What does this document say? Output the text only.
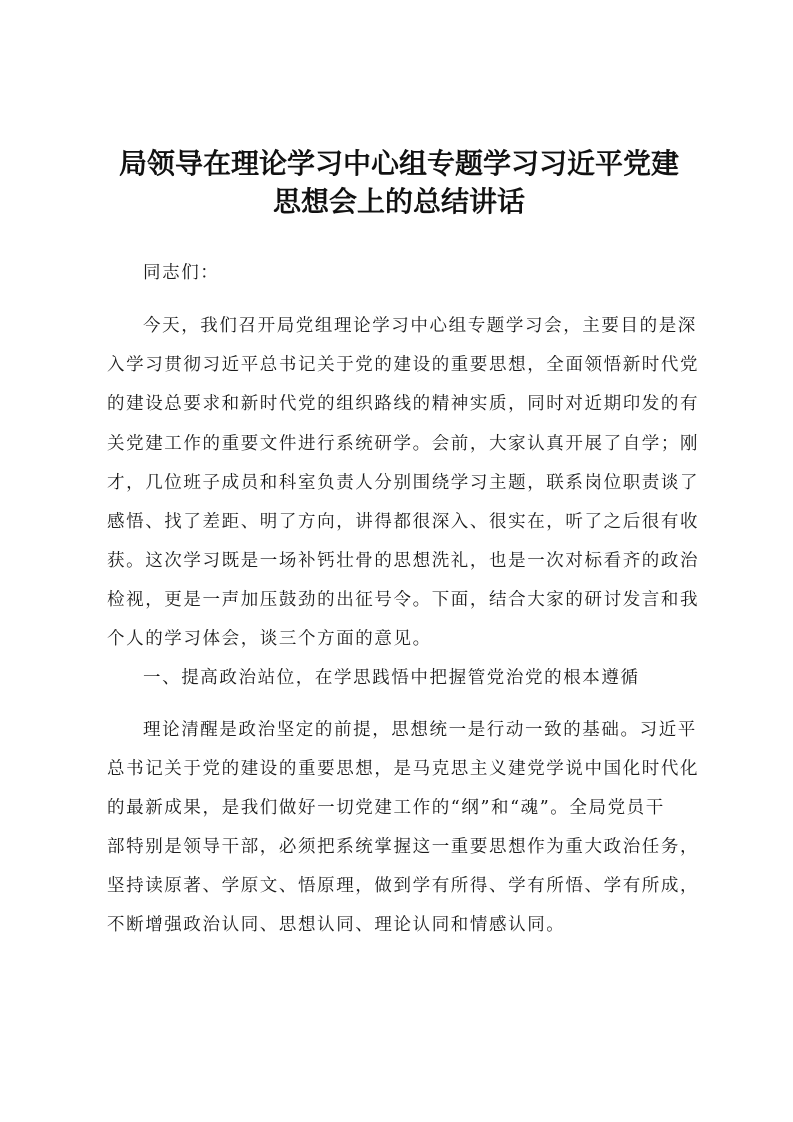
局领导在理论学习中心组专题学习习近平党建
思想会上的总结讲话
同志们：
今天，我们召开局党组理论学习中心组专题学习会，主要目的是深
入学习贯彻习近平总书记关于党的建设的重要思想，全面领悟新时代党
的建设总要求和新时代党的组织路线的精神实质，同时对近期印发的有
关党建工作的重要文件进行系统研学。会前，大家认真开展了自学；刚
才，几位班子成员和科室负责人分别围绕学习主题，联系岗位职责谈了
感悟、找了差距、明了方向，讲得都很深入、很实在，听了之后很有收
获。这次学习既是一场补钙壮骨的思想洗礼，也是一次对标看齐的政治
检视，更是一声加压鼓劲的出征号令。下面，结合大家的研讨发言和我
个人的学习体会，谈三个方面的意见。
一、提高政治站位，在学思践悟中把握管党治党的根本遵循
理论清醒是政治坚定的前提，思想统一是行动一致的基础。习近平
总书记关于党的建设的重要思想，是马克思主义建党学说中国化时代化
的最新成果，是我们做好一切党建工作的“纲”和“魂”。全局党员干
部特别是领导干部，必须把系统掌握这一重要思想作为重大政治任务，
坚持读原著、学原文、悟原理，做到学有所得、学有所悟、学有所成，
不断增强政治认同、思想认同、理论认同和情感认同。
